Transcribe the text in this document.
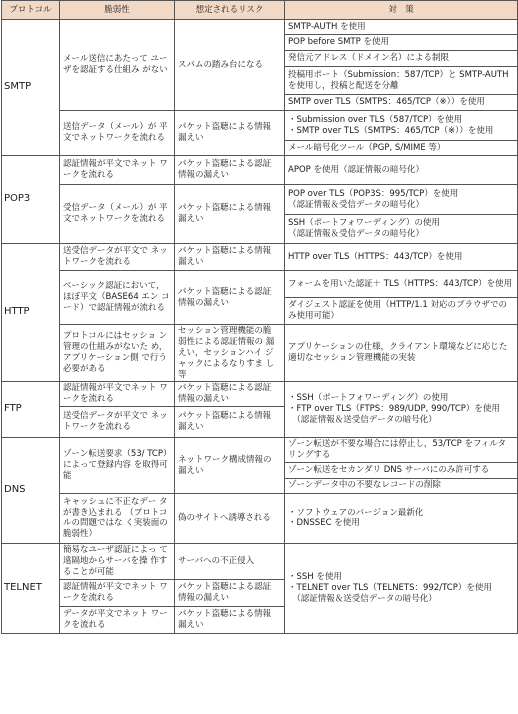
プロトコル	脆弱性	想定されるリスク	対　策
SMTP	メール送信にあたって ユーザを認証する仕組み がない	スパムの踏み台になる	SMTP-AUTH を使用
			POP before SMTP を使用
			発信元アドレス（ドメイン名）による制限
			投稿用ポート（Submission：587/TCP）と SMTP-AUTH を使用し，投稿と配送を分離
			SMTP over TLS（SMTPS：465/TCP（※））を使用
	送信データ（メール）が 平文でネットワークを流れる	パケット盗聴による情報 漏えい	・Submission over TLS（587/TCP）を使用
・SMTP over TLS（SMTPS：465/TCP（※））を使用
			メール暗号化ツール（PGP, S/MIME 等）
POP3	認証情報が平文でネット ワークを流れる	パケット盗聴による認証 情報の漏えい	APOP を使用（認証情報の暗号化）
	受信データ（メール）が 平文でネットワークを流れる	パケット盗聴による情報 漏えい	POP over TLS（POP3S：995/TCP）を使用
（認証情報＆受信データの暗号化）
			SSH（ポートフォワーディング）の使用
（認証情報＆受信データの暗号化）
HTTP	送受信データが平文で ネットワークを流れる	パケット盗聴による情報 漏えい	HTTP over TLS（HTTPS：443/TCP）を使用
	ベーシック認証において， ほぼ平文（BASE64 エン コード）で認証情報が流れる	パケット盗聴による認証 情報の漏えい	フォームを用いた認証＋ TLS（HTTPS：443/TCP）を使用
			ダイジェスト認証を使用（HTTP/1.1 対応のブラウザでのみ使用可能）
	プロトコルにはセッショ ン管理の仕組みがないた め，アプリケーション側 で行う必要がある	セッション管理機能の脆 弱性による認証情報の 漏えい，セッションハイ ジャックによるなりすま し等	アプリケーションの仕様，クライアント環境などに応じた適切なセッション管理機能の実装
FTP	認証情報が平文でネット ワークを流れる	パケット盗聴による認証 情報の漏えい	・SSH（ポートフォワーディング）の使用
・FTP over TLS（FTPS：989/UDP, 990/TCP）を使用
　（認証情報＆送受信データの暗号化）
	送受信データが平文で ネットワークを流れる	パケット盗聴による情報 漏えい	
DNS	ゾーン転送要求（53/ TCP）によって登録内容 を取得可能	ネットワーク構成情報の 漏えい	ゾーン転送が不要な場合には停止し，53/TCP をフィルタリングする
			ゾーン転送をセカンダリ DNS サーバにのみ許可する
			ゾーンデータ中の不要なレコードの削除
	キャッシュに不正なデー タが書き込まれる （プロトコルの問題ではな く実装面の脆弱性）	偽のサイトへ誘導される	・ソフトウェアのバージョン最新化
・DNSSEC を使用
TELNET	簡易なユーザ認証によっ て遠隔地からサーバを操 作することが可能	サーバへの不正侵入	・SSH を使用
・TELNET over TLS（TELNETS：992/TCP）を使用
　（認証情報＆送受信データの暗号化）
	認証情報が平文でネット ワークを流れる	パケット盗聴による認証 情報の漏えい	
	データが平文でネット ワークを流れる	パケット盗聴による情報 漏えい	
